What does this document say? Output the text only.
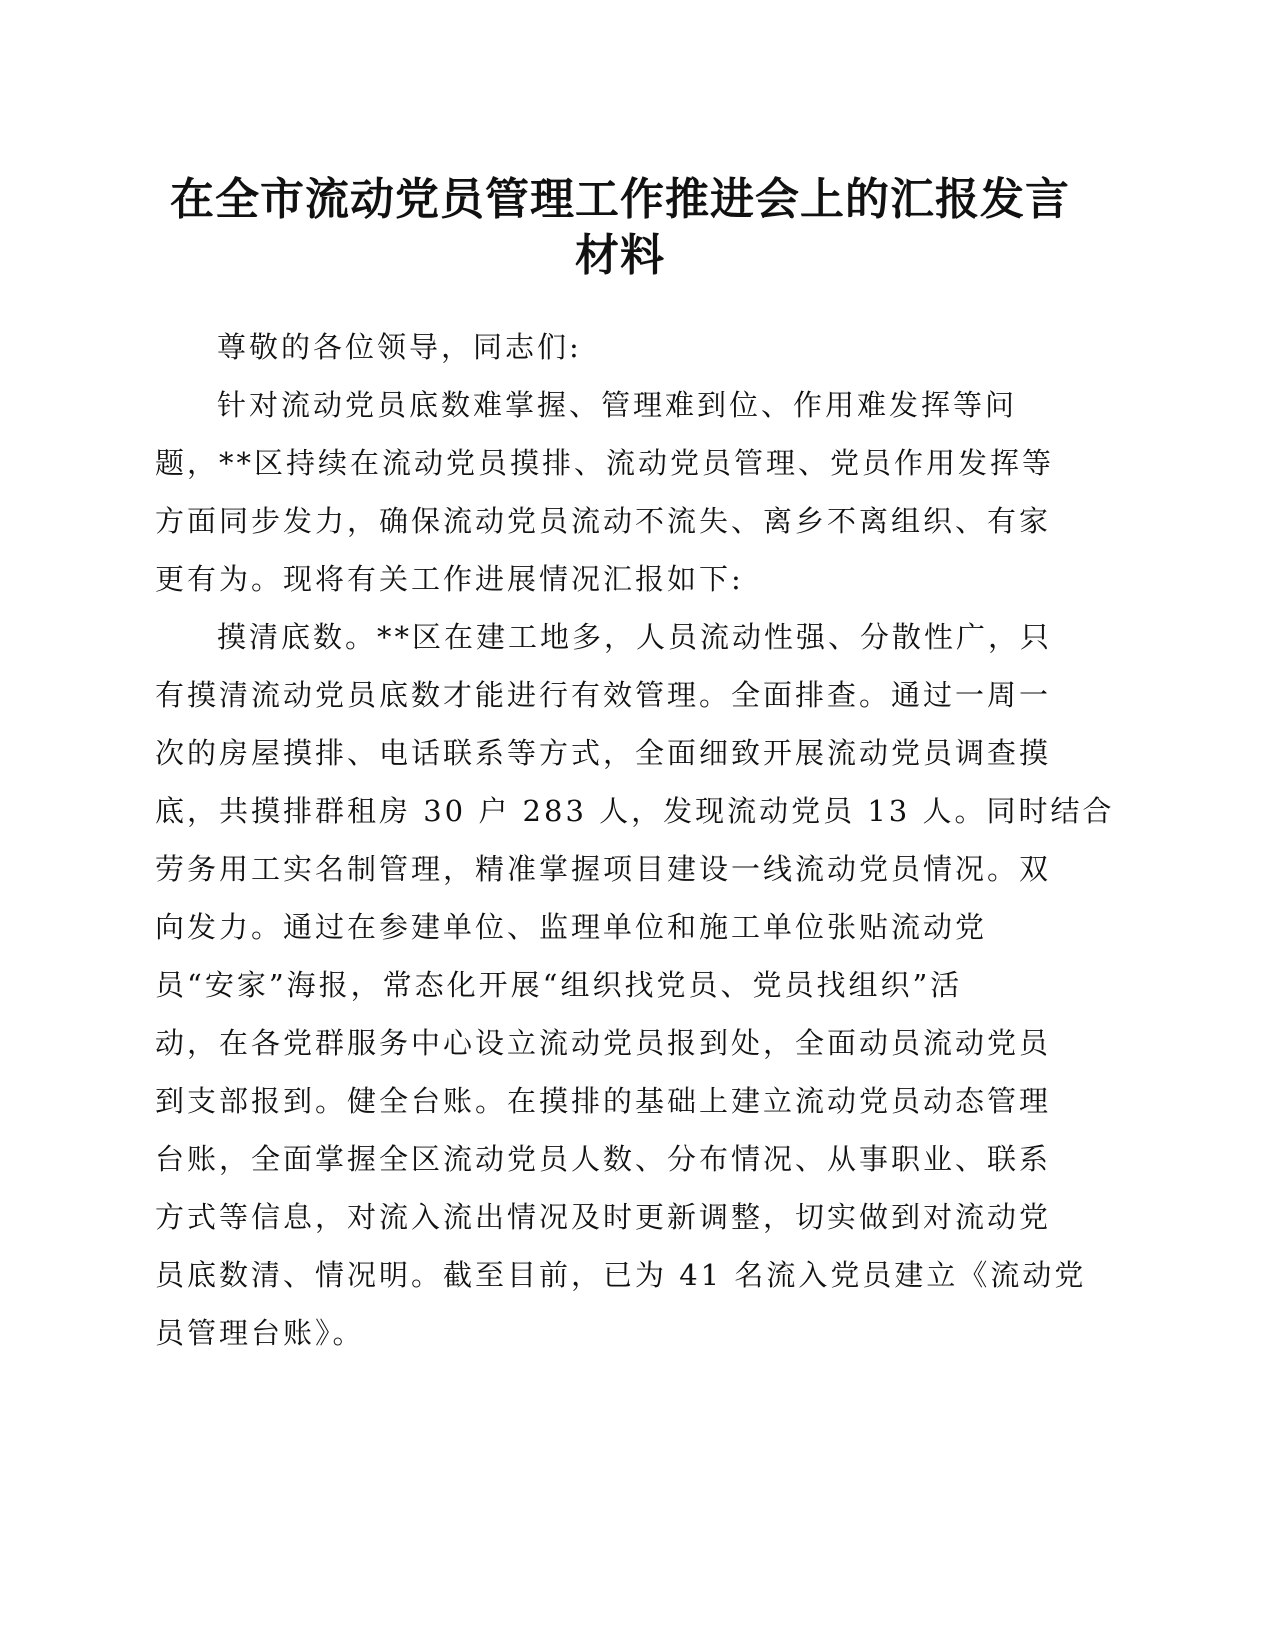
在全市流动党员管理工作推进会上的汇报发言
材料
尊敬的各位领导，同志们:
针对流动党员底数难掌握、管理难到位、作用难发挥等问
题，**区持续在流动党员摸排、流动党员管理、党员作用发挥等
方面同步发力，确保流动党员流动不流失、离乡不离组织、有家
更有为。现将有关工作进展情况汇报如下:
摸清底数。**区在建工地多，人员流动性强、分散性广，只
有摸清流动党员底数才能进行有效管理。全面排查。通过一周一
次的房屋摸排、电话联系等方式，全面细致开展流动党员调查摸
底，共摸排群租房 30 户 283 人，发现流动党员 13 人。同时结合
劳务用工实名制管理，精准掌握项目建设一线流动党员情况。双
向发力。通过在参建单位、监理单位和施工单位张贴流动党
员“安家”海报，常态化开展“组织找党员、党员找组织”活
动，在各党群服务中心设立流动党员报到处，全面动员流动党员
到支部报到。健全台账。在摸排的基础上建立流动党员动态管理
台账，全面掌握全区流动党员人数、分布情况、从事职业、联系
方式等信息，对流入流出情况及时更新调整，切实做到对流动党
员底数清、情况明。截至目前，已为 41 名流入党员建立《流动党
员管理台账》。
